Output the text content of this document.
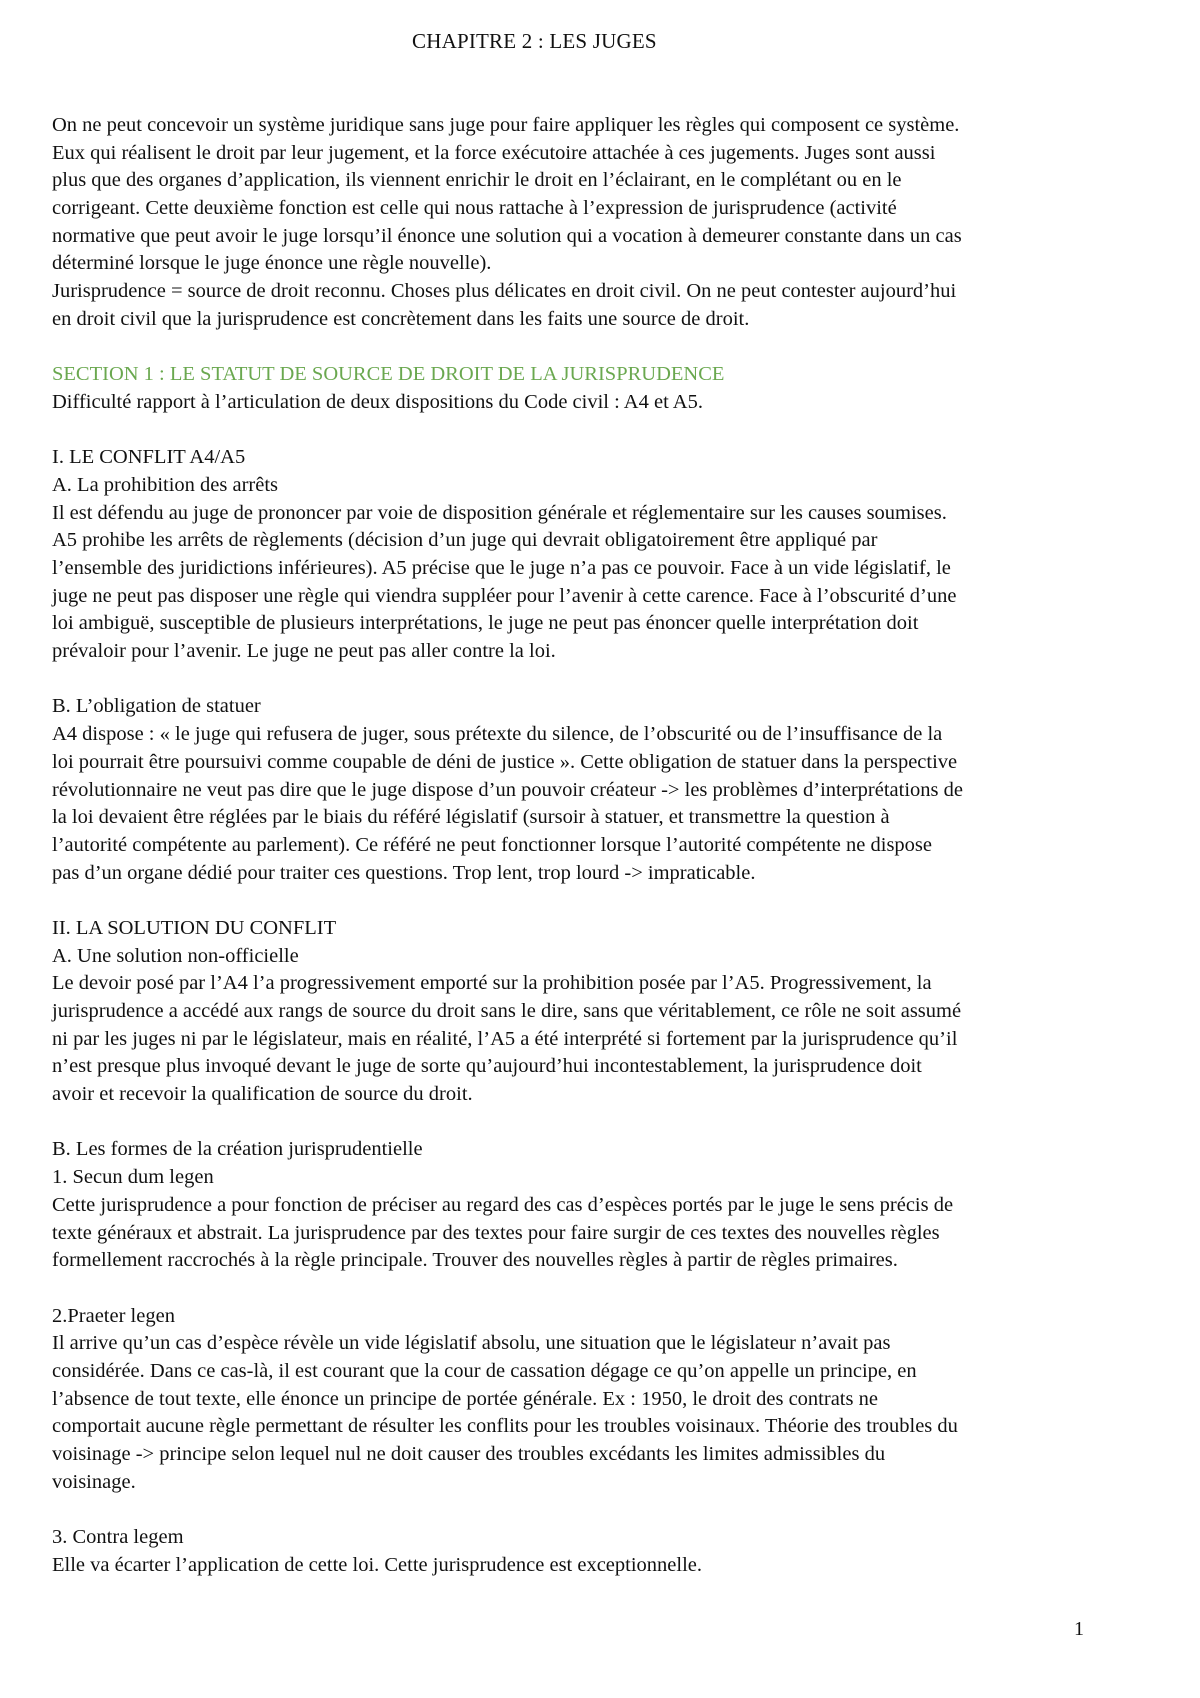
CHAPITRE 2 : LES JUGES
On ne peut concevoir un système juridique sans juge pour faire appliquer les règles qui composent ce système.
Eux qui réalisent le droit par leur jugement, et la force exécutoire attachée à ces jugements. Juges sont aussi
plus que des organes d’application, ils viennent enrichir le droit en l’éclairant, en le complétant ou en le
corrigeant. Cette deuxième fonction est celle qui nous rattache à l’expression de jurisprudence (activité
normative que peut avoir le juge lorsqu’il énonce une solution qui a vocation à demeurer constante dans un cas
déterminé lorsque le juge énonce une règle nouvelle).
Jurisprudence = source de droit reconnu. Choses plus délicates en droit civil. On ne peut contester aujourd’hui
en droit civil que la jurisprudence est concrètement dans les faits une source de droit.
SECTION 1 : LE STATUT DE SOURCE DE DROIT DE LA JURISPRUDENCE
Difficulté rapport à l’articulation de deux dispositions du Code civil : A4 et A5.
I. LE CONFLIT A4/A5
A. La prohibition des arrêts
Il est défendu au juge de prononcer par voie de disposition générale et réglementaire sur les causes soumises.
A5 prohibe les arrêts de règlements (décision d’un juge qui devrait obligatoirement être appliqué par
l’ensemble des juridictions inférieures). A5 précise que le juge n’a pas ce pouvoir. Face à un vide législatif, le
juge ne peut pas disposer une règle qui viendra suppléer pour l’avenir à cette carence. Face à l’obscurité d’une
loi ambiguë, susceptible de plusieurs interprétations, le juge ne peut pas énoncer quelle interprétation doit
prévaloir pour l’avenir. Le juge ne peut pas aller contre la loi.
B. L’obligation de statuer
A4 dispose : « le juge qui refusera de juger, sous prétexte du silence, de l’obscurité ou de l’insuffisance de la
loi pourrait être poursuivi comme coupable de déni de justice ». Cette obligation de statuer dans la perspective
révolutionnaire ne veut pas dire que le juge dispose d’un pouvoir créateur -> les problèmes d’interprétations de
la loi devaient être réglées par le biais du référé législatif (sursoir à statuer, et transmettre la question à
l’autorité compétente au parlement). Ce référé ne peut fonctionner lorsque l’autorité compétente ne dispose
pas d’un organe dédié pour traiter ces questions. Trop lent, trop lourd -> impraticable.
II. LA SOLUTION DU CONFLIT
A. Une solution non-officielle
Le devoir posé par l’A4 l’a progressivement emporté sur la prohibition posée par l’A5. Progressivement, la
jurisprudence a accédé aux rangs de source du droit sans le dire, sans que véritablement, ce rôle ne soit assumé
ni par les juges ni par le législateur, mais en réalité, l’A5 a été interprété si fortement par la jurisprudence qu’il
n’est presque plus invoqué devant le juge de sorte qu’aujourd’hui incontestablement, la jurisprudence doit
avoir et recevoir la qualification de source du droit.
B. Les formes de la création jurisprudentielle
1. Secun dum legen
Cette jurisprudence a pour fonction de préciser au regard des cas d’espèces portés par le juge le sens précis de
texte généraux et abstrait. La jurisprudence par des textes pour faire surgir de ces textes des nouvelles règles
formellement raccrochés à la règle principale. Trouver des nouvelles règles à partir de règles primaires.
2.Praeter legen
Il arrive qu’un cas d’espèce révèle un vide législatif absolu, une situation que le législateur n’avait pas
considérée. Dans ce cas-là, il est courant que la cour de cassation dégage ce qu’on appelle un principe, en
l’absence de tout texte, elle énonce un principe de portée générale. Ex : 1950, le droit des contrats ne
comportait aucune règle permettant de résulter les conflits pour les troubles voisinaux. Théorie des troubles du
voisinage -> principe selon lequel nul ne doit causer des troubles excédants les limites admissibles du
voisinage.
3. Contra legem
Elle va écarter l’application de cette loi. Cette jurisprudence est exceptionnelle.
1
